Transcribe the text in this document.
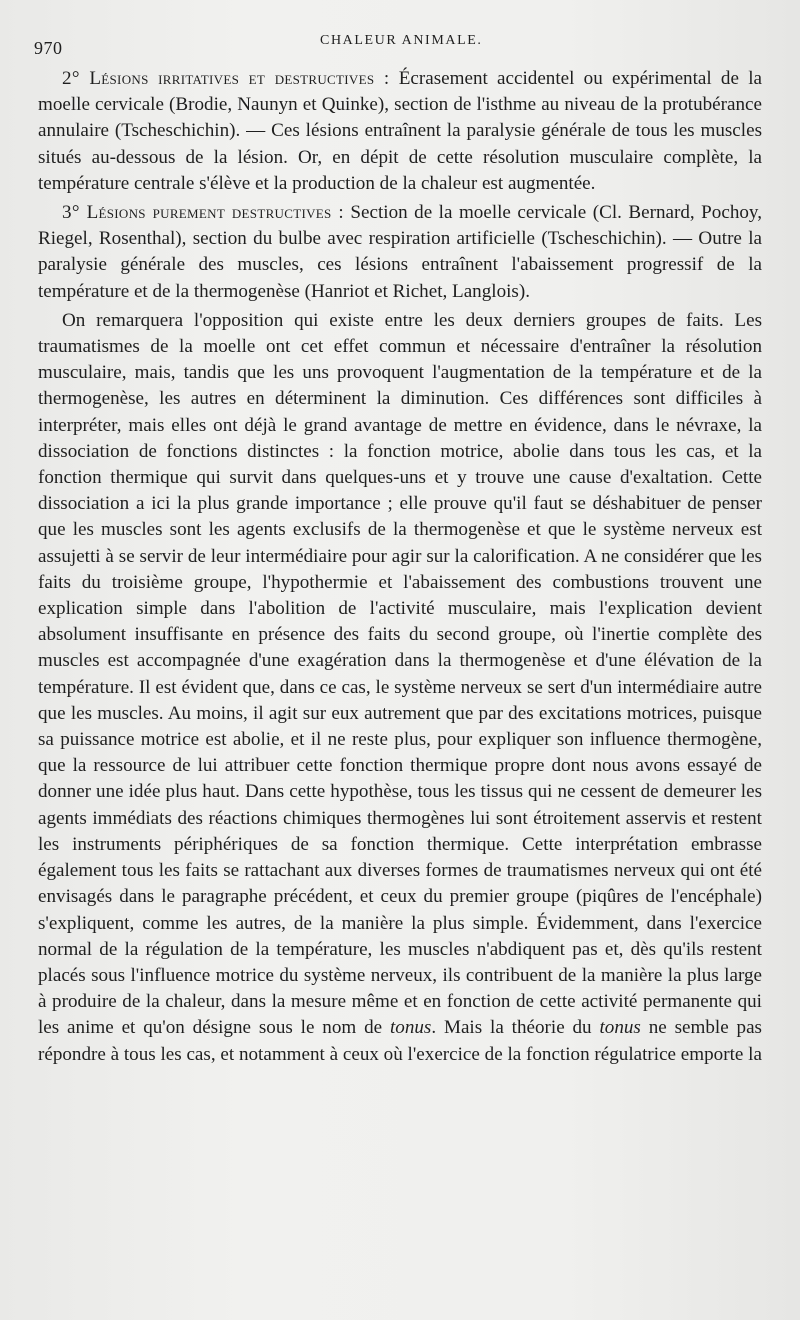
970	CHALEUR ANIMALE.

2° Lésions irritatives et destructives : Écrasement accidentel ou expérimental de la moelle cervicale (Brodie, Naunyn et Quinke), section de l'isthme au niveau de la protubérance annulaire (Tscheschichin). — Ces lésions entraînent la paralysie générale de tous les muscles situés au-dessous de la lésion. Or, en dépit de cette résolution musculaire complète, la température centrale s'élève et la production de la chaleur est augmentée.

3° Lésions purement destructives : Section de la moelle cervicale (Cl. Bernard, Pochoy, Riegel, Rosenthal), section du bulbe avec respiration artificielle (Tscheschichin). — Outre la paralysie générale des muscles, ces lésions entraînent l'abaissement progressif de la température et de la thermogenèse (Hanriot et Richet, Langlois).

On remarquera l'opposition qui existe entre les deux derniers groupes de faits. Les traumatismes de la moelle ont cet effet commun et nécessaire d'entraîner la résolution musculaire, mais, tandis que les uns provoquent l'augmentation de la température et de la thermogenèse, les autres en déterminent la diminution. Ces différences sont difficiles à interpréter, mais elles ont déjà le grand avantage de mettre en évidence, dans le névraxe, la dissociation de fonctions distinctes : la fonction motrice, abolie dans tous les cas, et la fonction thermique qui survit dans quelques-uns et y trouve une cause d'exaltation. Cette dissociation a ici la plus grande importance ; elle prouve qu'il faut se déshabituer de penser que les muscles sont les agents exclusifs de la thermogenèse et que le système nerveux est assujetti à se servir de leur intermédiaire pour agir sur la calorification. A ne considérer que les faits du troisième groupe, l'hypothermie et l'abaissement des combustions trouvent une explication simple dans l'abolition de l'activité musculaire, mais l'explication devient absolument insuffisante en présence des faits du second groupe, où l'inertie complète des muscles est accompagnée d'une exagération dans la thermogenèse et d'une élévation de la température. Il est évident que, dans ce cas, le système nerveux se sert d'un intermédiaire autre que les muscles. Au moins, il agit sur eux autrement que par des excitations motrices, puisque sa puissance motrice est abolie, et il ne reste plus, pour expliquer son influence thermogène, que la ressource de lui attribuer cette fonction thermique propre dont nous avons essayé de donner une idée plus haut. Dans cette hypothèse, tous les tissus qui ne cessent de demeurer les agents immédiats des réactions chimiques thermogènes lui sont étroitement asservis et restent les instruments périphériques de sa fonction thermique. Cette interprétation embrasse également tous les faits se rattachant aux diverses formes de traumatismes nerveux qui ont été envisagés dans le paragraphe précédent, et ceux du premier groupe (piqûres de l'encéphale) s'expliquent, comme les autres, de la manière la plus simple. Évidemment, dans l'exercice normal de la régulation de la température, les muscles n'abdiquent pas et, dès qu'ils restent placés sous l'influence motrice du système nerveux, ils contribuent de la manière la plus large à produire de la chaleur, dans la mesure même et en fonction de cette activité permanente qui les anime et qu'on désigne sous le nom de tonus. Mais la théorie du tonus ne semble pas répondre à tous les cas, et notamment à ceux où l'exercice de la fonction régulatrice emporte la
